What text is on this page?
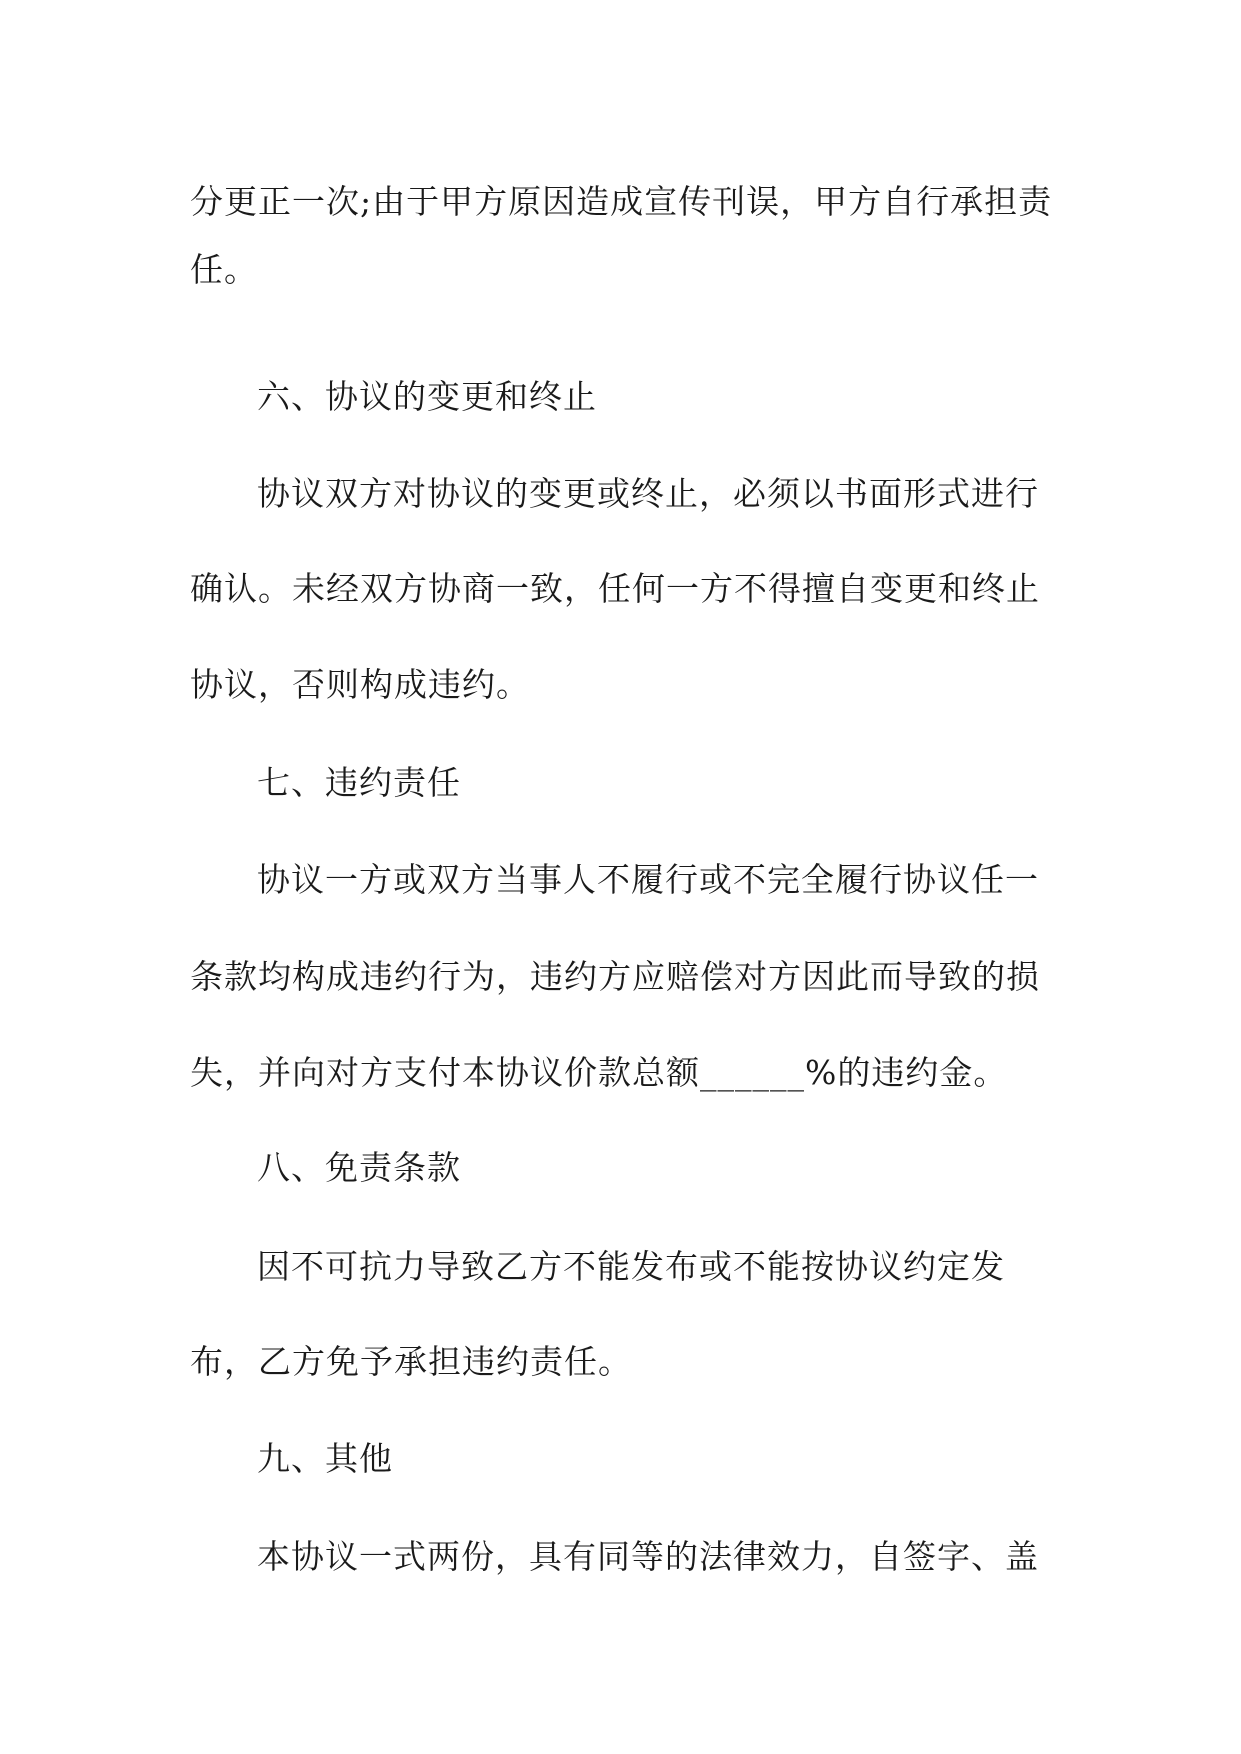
分更正一次;由于甲方原因造成宣传刊误，甲方自行承担责

任。

六、协议的变更和终止

协议双方对协议的变更或终止，必须以书面形式进行

确认。未经双方协商一致，任何一方不得擅自变更和终止

协议，否则构成违约。

七、违约责任

协议一方或双方当事人不履行或不完全履行协议任一

条款均构成违约行为，违约方应赔偿对方因此而导致的损

失，并向对方支付本协议价款总额______%的违约金。

八、免责条款

因不可抗力导致乙方不能发布或不能按协议约定发

布，乙方免予承担违约责任。

九、其他

本协议一式两份，具有同等的法律效力，自签字、盖
